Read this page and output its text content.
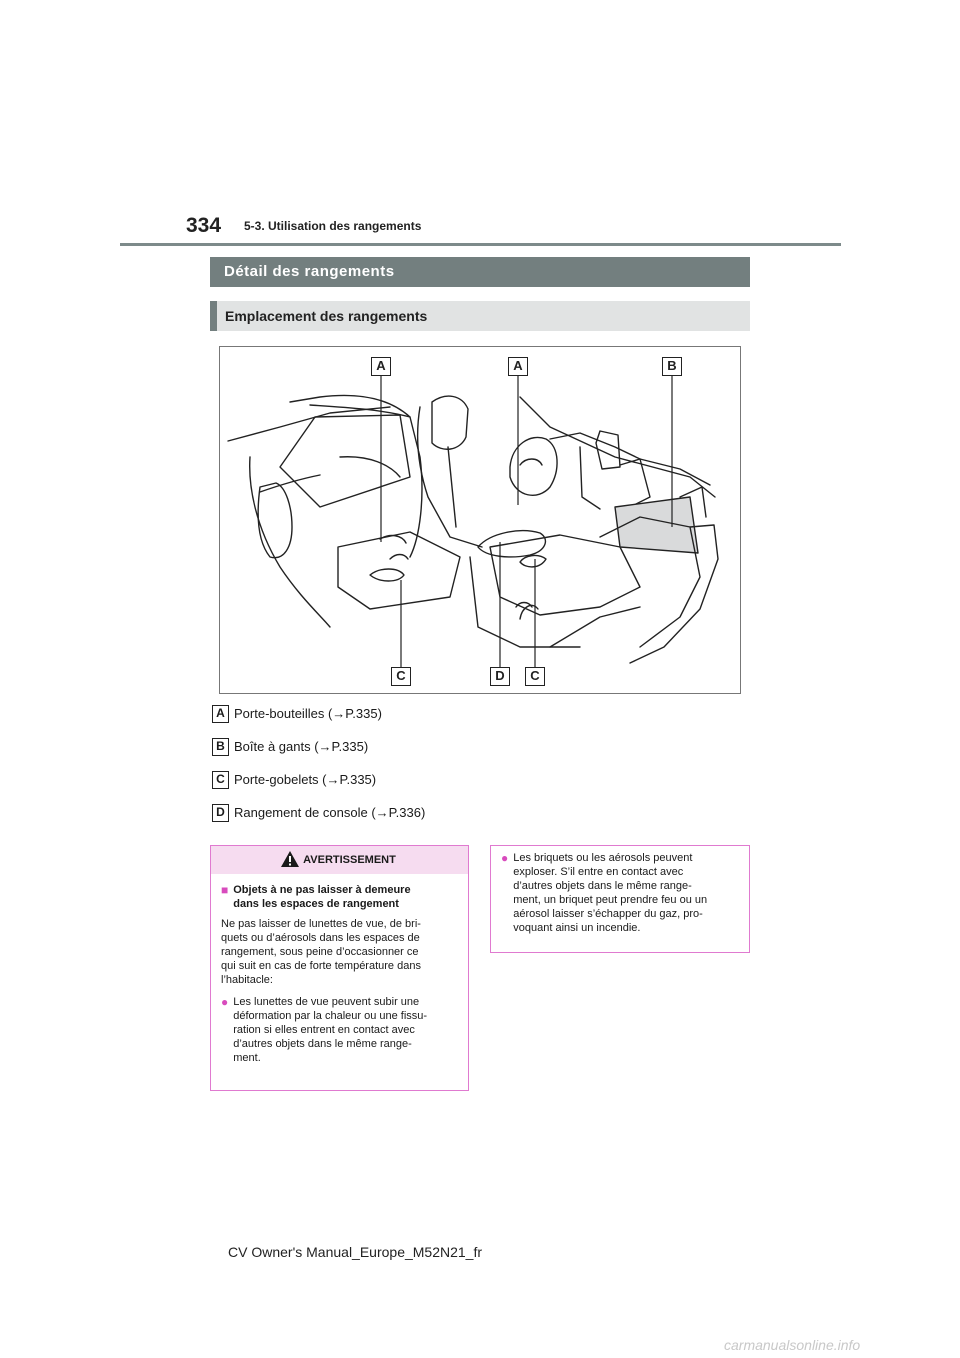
334 5-3. Utilisation des rangements
Détail des rangements
Emplacement des rangements
A	A	B
C	D	C
A Porte-bouteilles (→P.335)
B Boîte à gants (→P.335)
C Porte-gobelets (→P.335)
D Rangement de console (→P.336)
AVERTISSEMENT
■ Objets à ne pas laisser à demeure
dans les espaces de rangement
Ne pas laisser de lunettes de vue, de bri-
quets ou d’aérosols dans les espaces de
rangement, sous peine d’occasionner ce
qui suit en cas de forte température dans
l’habitacle:
● Les lunettes de vue peuvent subir une
déformation par la chaleur ou une fissu-
ration si elles entrent en contact avec
d’autres objets dans le même range-
ment.
● Les briquets ou les aérosols peuvent
exploser. S’il entre en contact avec
d’autres objets dans le même range-
ment, un briquet peut prendre feu ou un
aérosol laisser s’échapper du gaz, pro-
voquant ainsi un incendie.
CV Owner's Manual_Europe_M52N21_fr
carmanualsonline.info
